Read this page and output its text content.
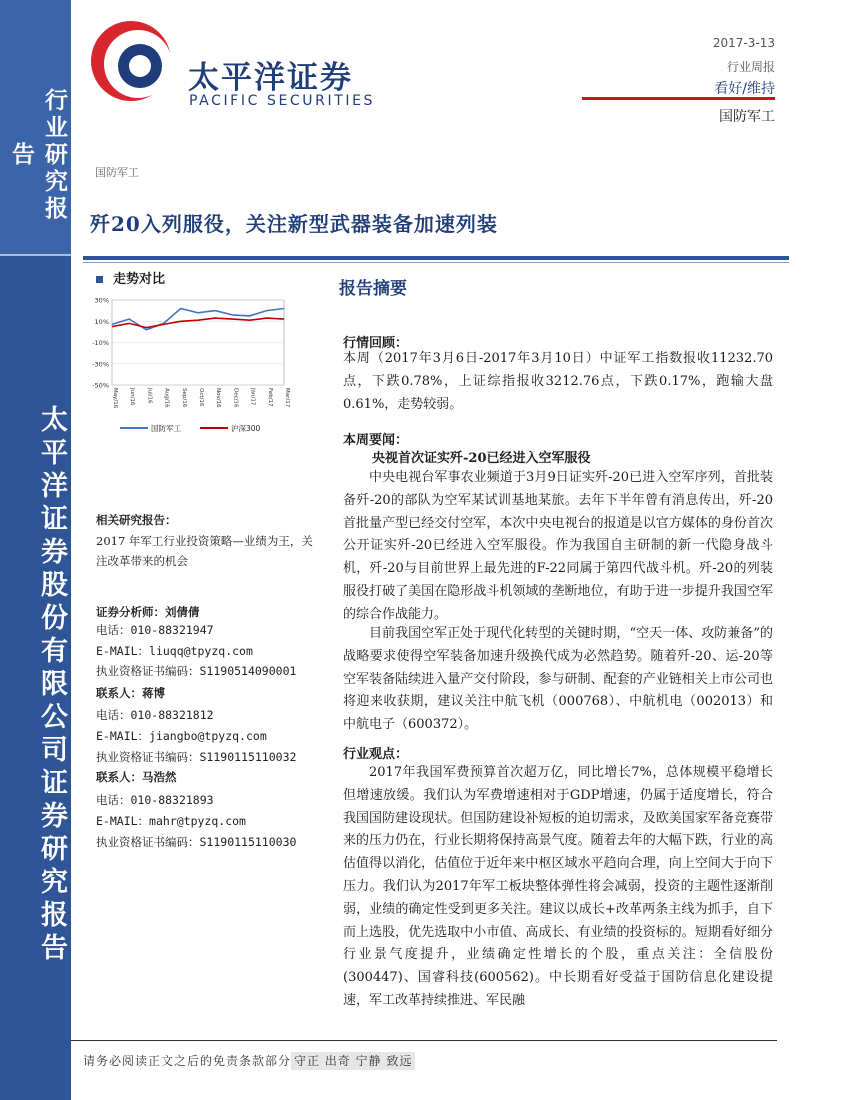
行业研究报告
太平洋证券股份有限公司证券研究报告
太平洋证券
PACIFIC SECURITIES
2017-3-13
行业周报
看好/维持
国防军工
国防军工
歼20入列服役，关注新型武器装备加速列装
走势对比
30%
10%
-10%
-30%
-50%
May/16 Jun/16 Jul/16 Aug/16 Sep/16 Oct/16 Nov/16 Dec/16 Jan/17 Feb/17 Mar/17
国防军工	沪深300
相关研究报告：
2017 年军工行业投资策略—业绩为王，关注改革带来的机会
证券分析师：刘倩倩
电话：010-88321947
E-MAIL：liuqq@tpyzq.com
执业资格证书编码：S1190514090001
联系人：蒋博
电话：010-88321812
E-MAIL：jiangbo@tpyzq.com
执业资格证书编码：S1190115110032
联系人：马浩然
电话：010-88321893
E-MAIL：mahr@tpyzq.com
执业资格证书编码：S1190115110030
报告摘要
行情回顾：
本周（2017年3月6日-2017年3月10日）中证军工指数报收11232.70点，下跌0.78%，上证综指报收3212.76点，下跌0.17%，跑输大盘0.61%，走势较弱。
本周要闻：
央视首次证实歼-20已经进入空军服役
中央电视台军事农业频道于3月9日证实歼-20已进入空军序列，首批装备歼-20的部队为空军某试训基地某旅。去年下半年曾有消息传出，歼-20首批量产型已经交付空军，本次中央电视台的报道是以官方媒体的身份首次公开证实歼-20已经进入空军服役。作为我国自主研制的新一代隐身战斗机，歼-20与目前世界上最先进的F-22同属于第四代战斗机。歼-20的列装服役打破了美国在隐形战斗机领域的垄断地位，有助于进一步提升我国空军的综合作战能力。
目前我国空军正处于现代化转型的关键时期，“空天一体、攻防兼备”的战略要求使得空军装备加速升级换代成为必然趋势。随着歼-20、运-20等空军装备陆续进入量产交付阶段，参与研制、配套的产业链相关上市公司也将迎来收获期，建议关注中航飞机（000768）、中航机电（002013）和中航电子（600372）。
行业观点：
2017年我国军费预算首次超万亿，同比增长7%，总体规模平稳增长但增速放缓。我们认为军费增速相对于GDP增速，仍属于适度增长，符合我国国防建设现状。但国防建设补短板的迫切需求，及欧美国家军备竞赛带来的压力仍在，行业长期将保持高景气度。随着去年的大幅下跌，行业的高估值得以消化，估值位于近年来中枢区域水平趋向合理，向上空间大于向下压力。我们认为2017年军工板块整体弹性将会减弱，投资的主题性逐渐削弱，业绩的确定性受到更多关注。建议以成长+改革两条主线为抓手，自下而上选股，优先选取中小市值、高成长、有业绩的投资标的。短期看好细分行业景气度提升，业绩确定性增长的个股，重点关注：全信股份(300447)、国睿科技(600562)。中长期看好受益于国防信息化建设提速，军工改革持续推进、军民融
请务必阅读正文之后的免责条款部分 守正 出奇 宁静 致远
